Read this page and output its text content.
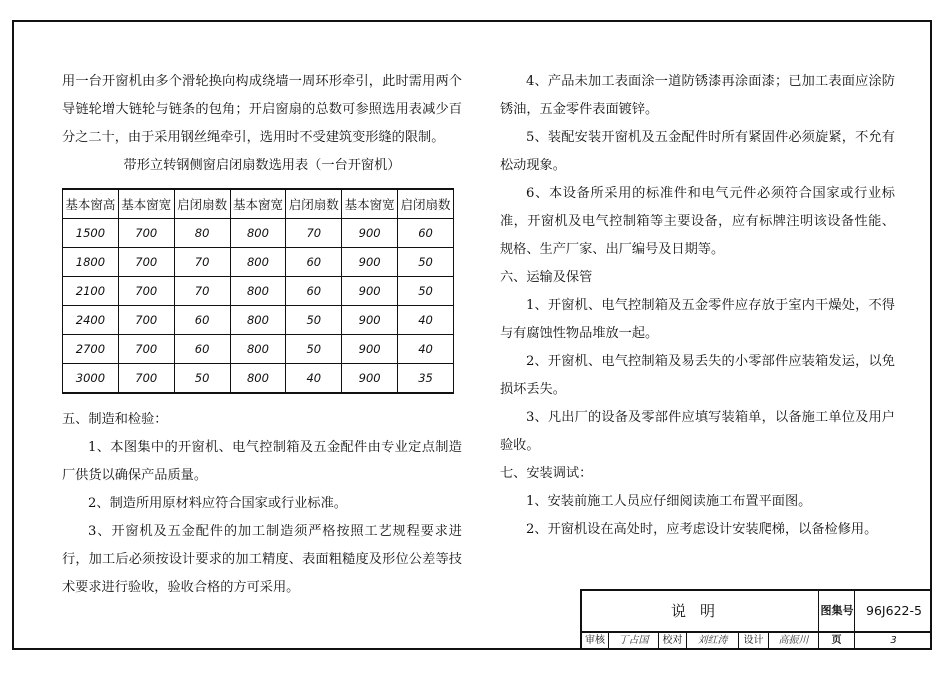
用一台开窗机由多个滑轮换向构成绕墙一周环形牵引，此时需用两个导链轮增大链轮与链条的包角；开启窗扇的总数可参照选用表减少百分之二十，由于采用钢丝绳牵引，选用时不受建筑变形缝的限制。

带形立转钢侧窗启闭扇数选用表（一台开窗机）

基本窗高	基本窗宽	启闭扇数	基本窗宽	启闭扇数	基本窗宽	启闭扇数
1500	700	80	800	70	900	60
1800	700	70	800	60	900	50
2100	700	70	800	60	900	50
2400	700	60	800	50	900	40
2700	700	60	800	50	900	40
3000	700	50	800	40	900	35

五、制造和检验：

1、本图集中的开窗机、电气控制箱及五金配件由专业定点制造厂供货以确保产品质量。

2、制造所用原材料应符合国家或行业标准。

3、开窗机及五金配件的加工制造须严格按照工艺规程要求进行，加工后必须按设计要求的加工精度、表面粗糙度及形位公差等技术要求进行验收，验收合格的方可采用。

4、产品未加工表面涂一道防锈漆再涂面漆；已加工表面应涂防锈油，五金零件表面镀锌。

5、装配安装开窗机及五金配件时所有紧固件必须旋紧，不允有松动现象。

6、本设备所采用的标准件和电气元件必须符合国家或行业标准，开窗机及电气控制箱等主要设备，应有标牌注明该设备性能、规格、生产厂家、出厂编号及日期等。

六、运输及保管

1、开窗机、电气控制箱及五金零件应存放于室内干燥处，不得与有腐蚀性物品堆放一起。

2、开窗机、电气控制箱及易丢失的小零部件应装箱发运，以免损坏丢失。

3、凡出厂的设备及零部件应填写装箱单，以备施工单位及用户验收。

七、安装调试：

1、安装前施工人员应仔细阅读施工布置平面图。

2、开窗机设在高处时，应考虑设计安装爬梯，以备检修用。

说明	图集号	96J622-5
审核	丁占国	校对	刘红涛	设计	高振川	页	3
